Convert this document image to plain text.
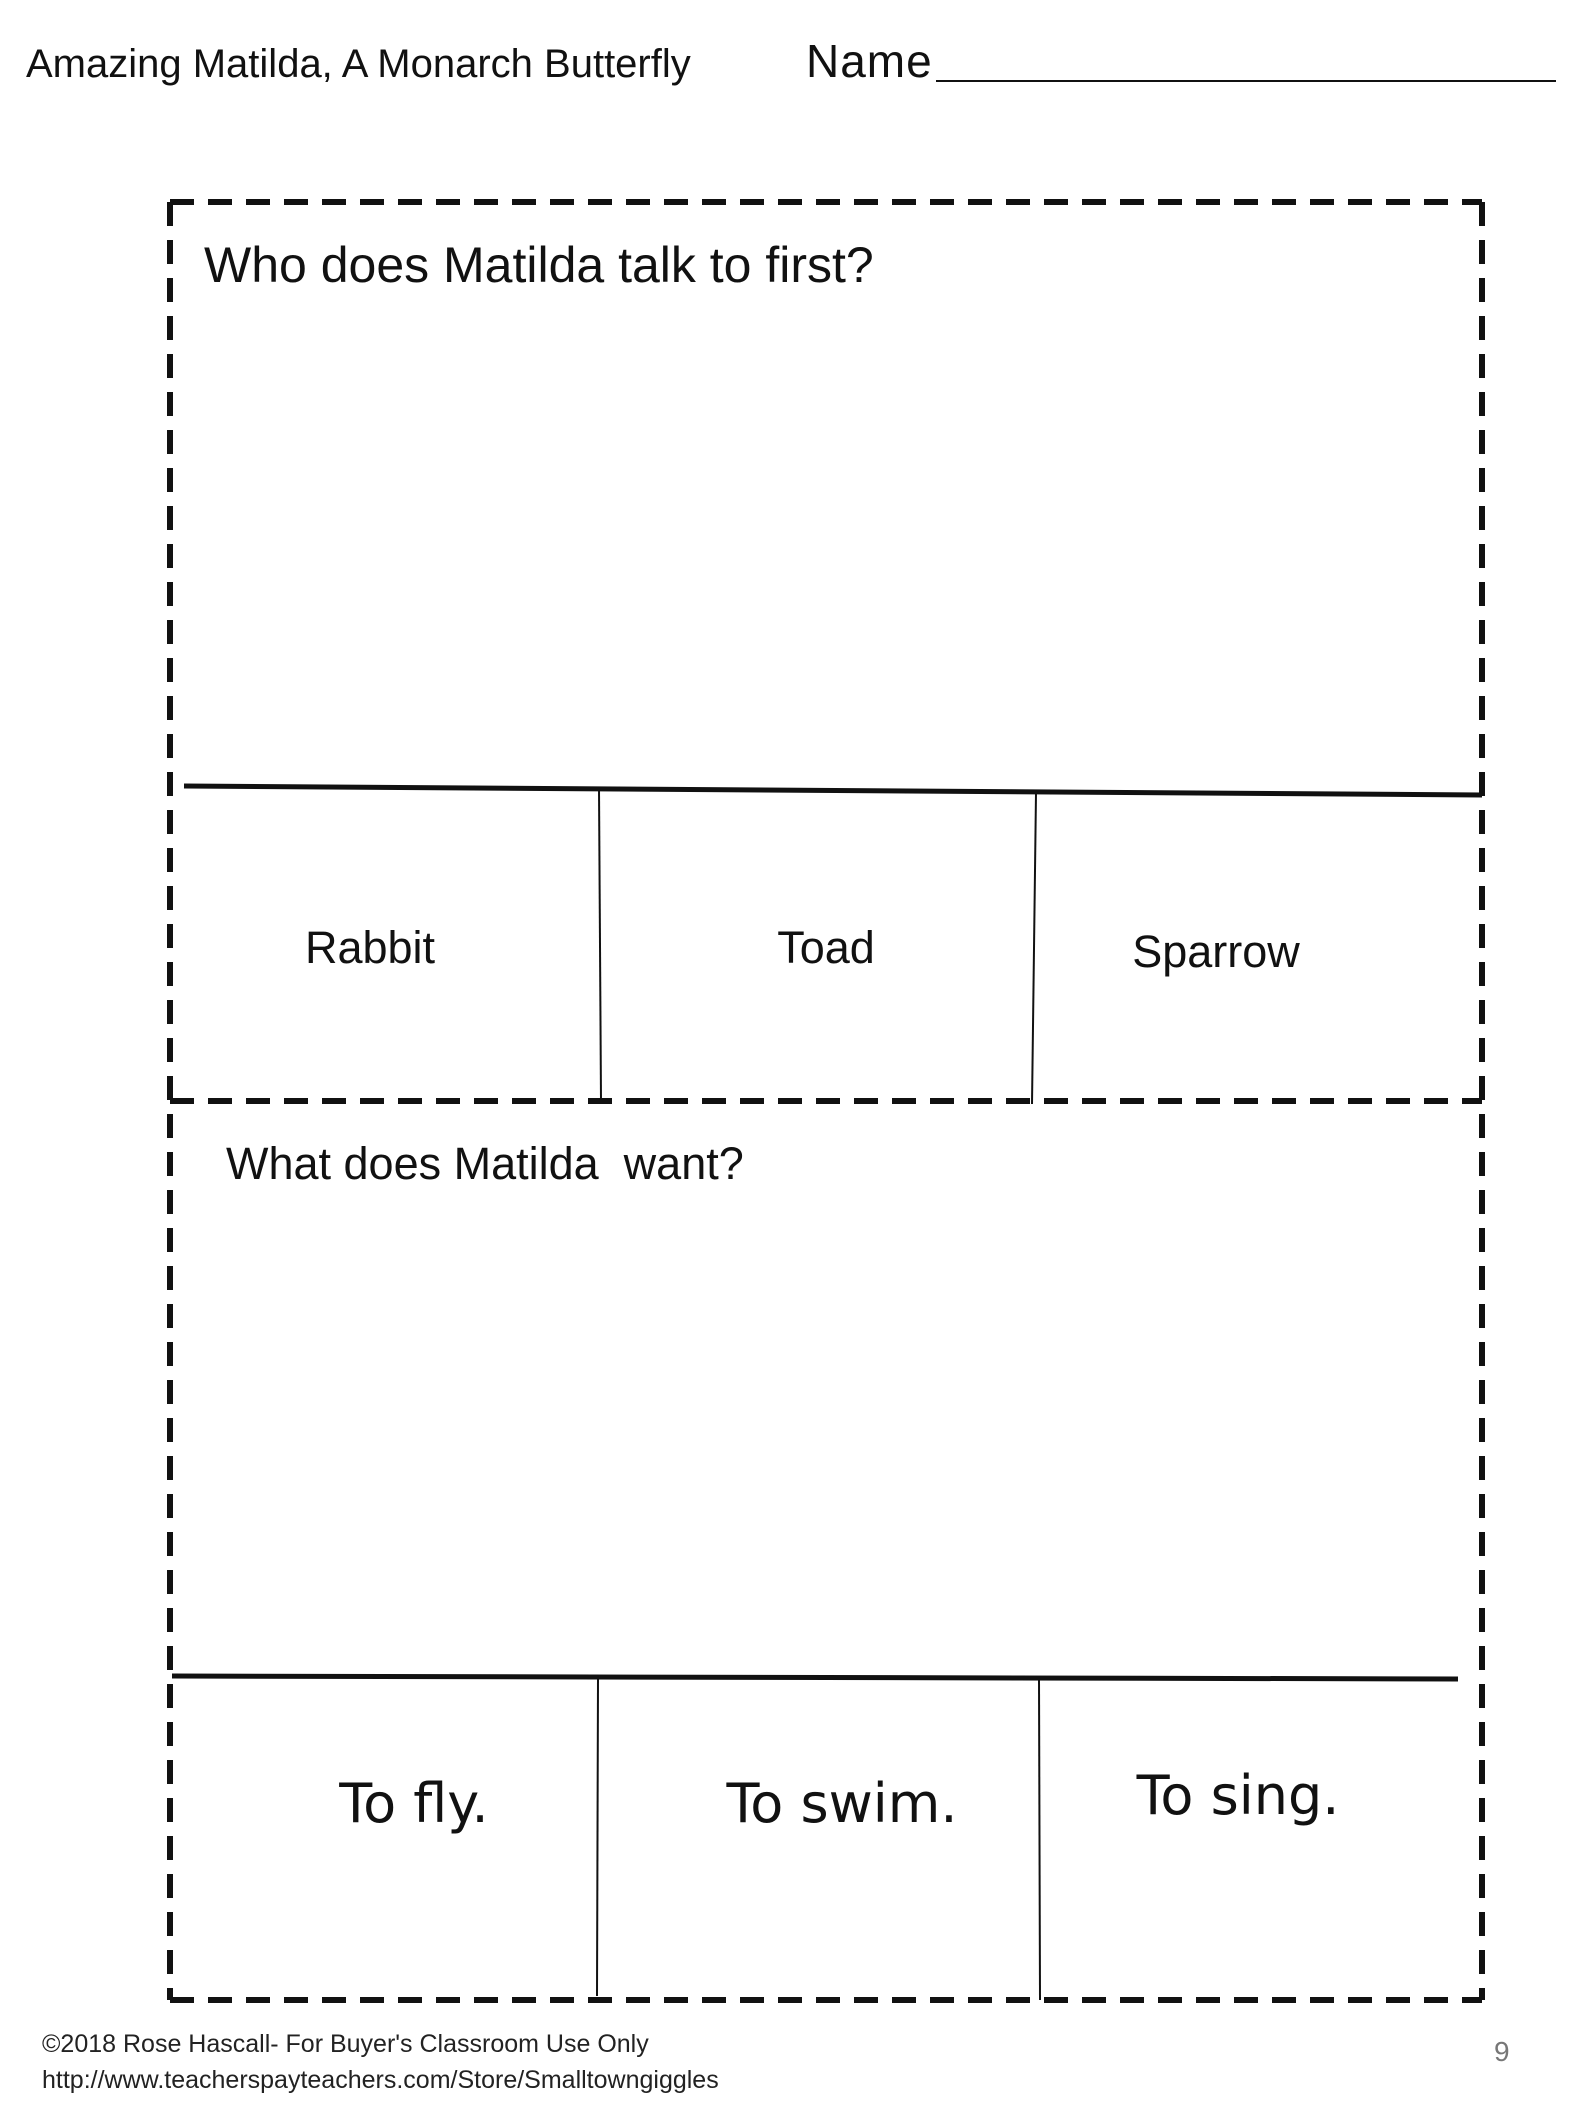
Amazing Matilda, A Monarch Butterfly	Name
Who does Matilda talk to first?
Rabbit	Toad	Sparrow
What does Matilda  want?
To fly.	To swim.	To sing.
©2018 Rose Hascall- For Buyer's Classroom Use Only
http://www.teacherspayteachers.com/Store/Smalltowngiggles
9
